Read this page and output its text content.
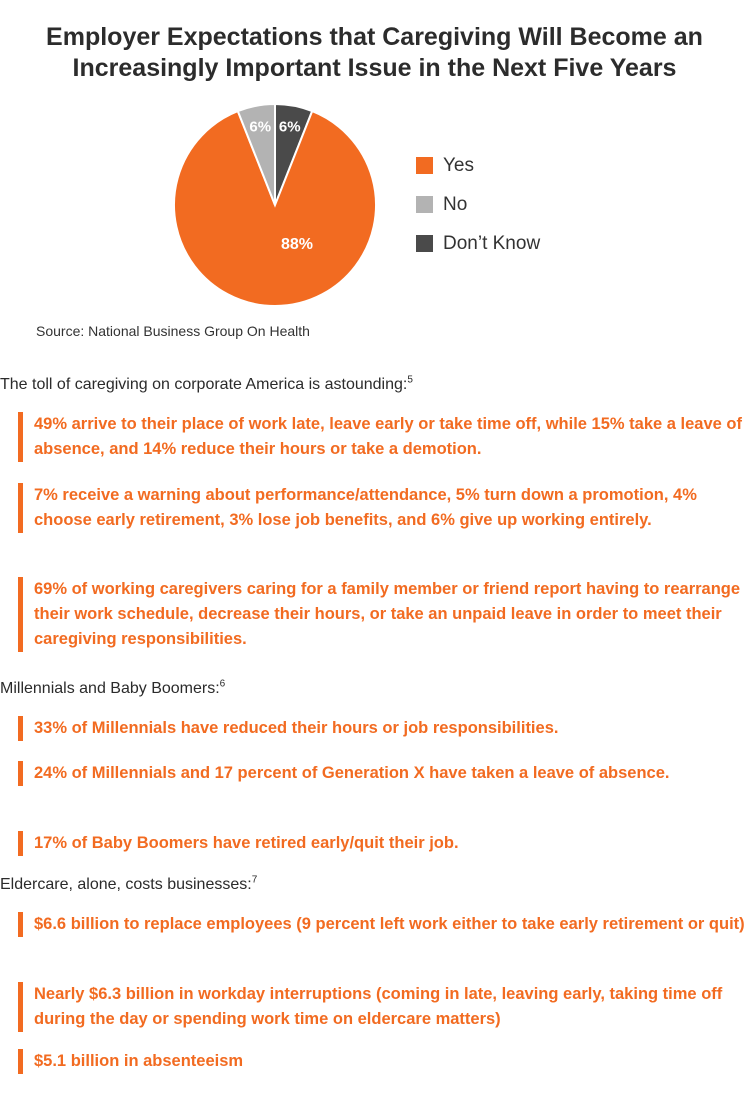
Employer Expectations that Caregiving Will Become an Increasingly Important Issue in the Next Five Years
6%
88%
6%
Yes
No
Don’t Know
Source: National Business Group On Health
The toll of caregiving on corporate America is astounding:$^5$
49% arrive to their place of work late, leave early or take time off, while 15% take a leave of absence, and 14% reduce their hours or take a demotion.
7% receive a warning about performance/attendance, 5% turn down a promotion, 4% choose early retirement, 3% lose job benefits, and 6% give up working entirely.
69% of working caregivers caring for a family member or friend report having to rearrange their work schedule, decrease their hours, or take an unpaid leave in order to meet their caregiving responsibilities.
Millennials and Baby Boomers:$^6$
33% of Millennials have reduced their hours or job responsibilities.
24% of Millennials and 17 percent of Generation X have taken a leave of absence.
17% of Baby Boomers have retired early/quit their job.
Eldercare, alone, costs businesses:$^7$
$6.6 billion to replace employees (9 percent left work either to take early retirement or quit)
Nearly $6.3 billion in workday interruptions (coming in late, leaving early, taking time off during the day or spending work time on eldercare matters)
$5.1 billion in absenteeism
